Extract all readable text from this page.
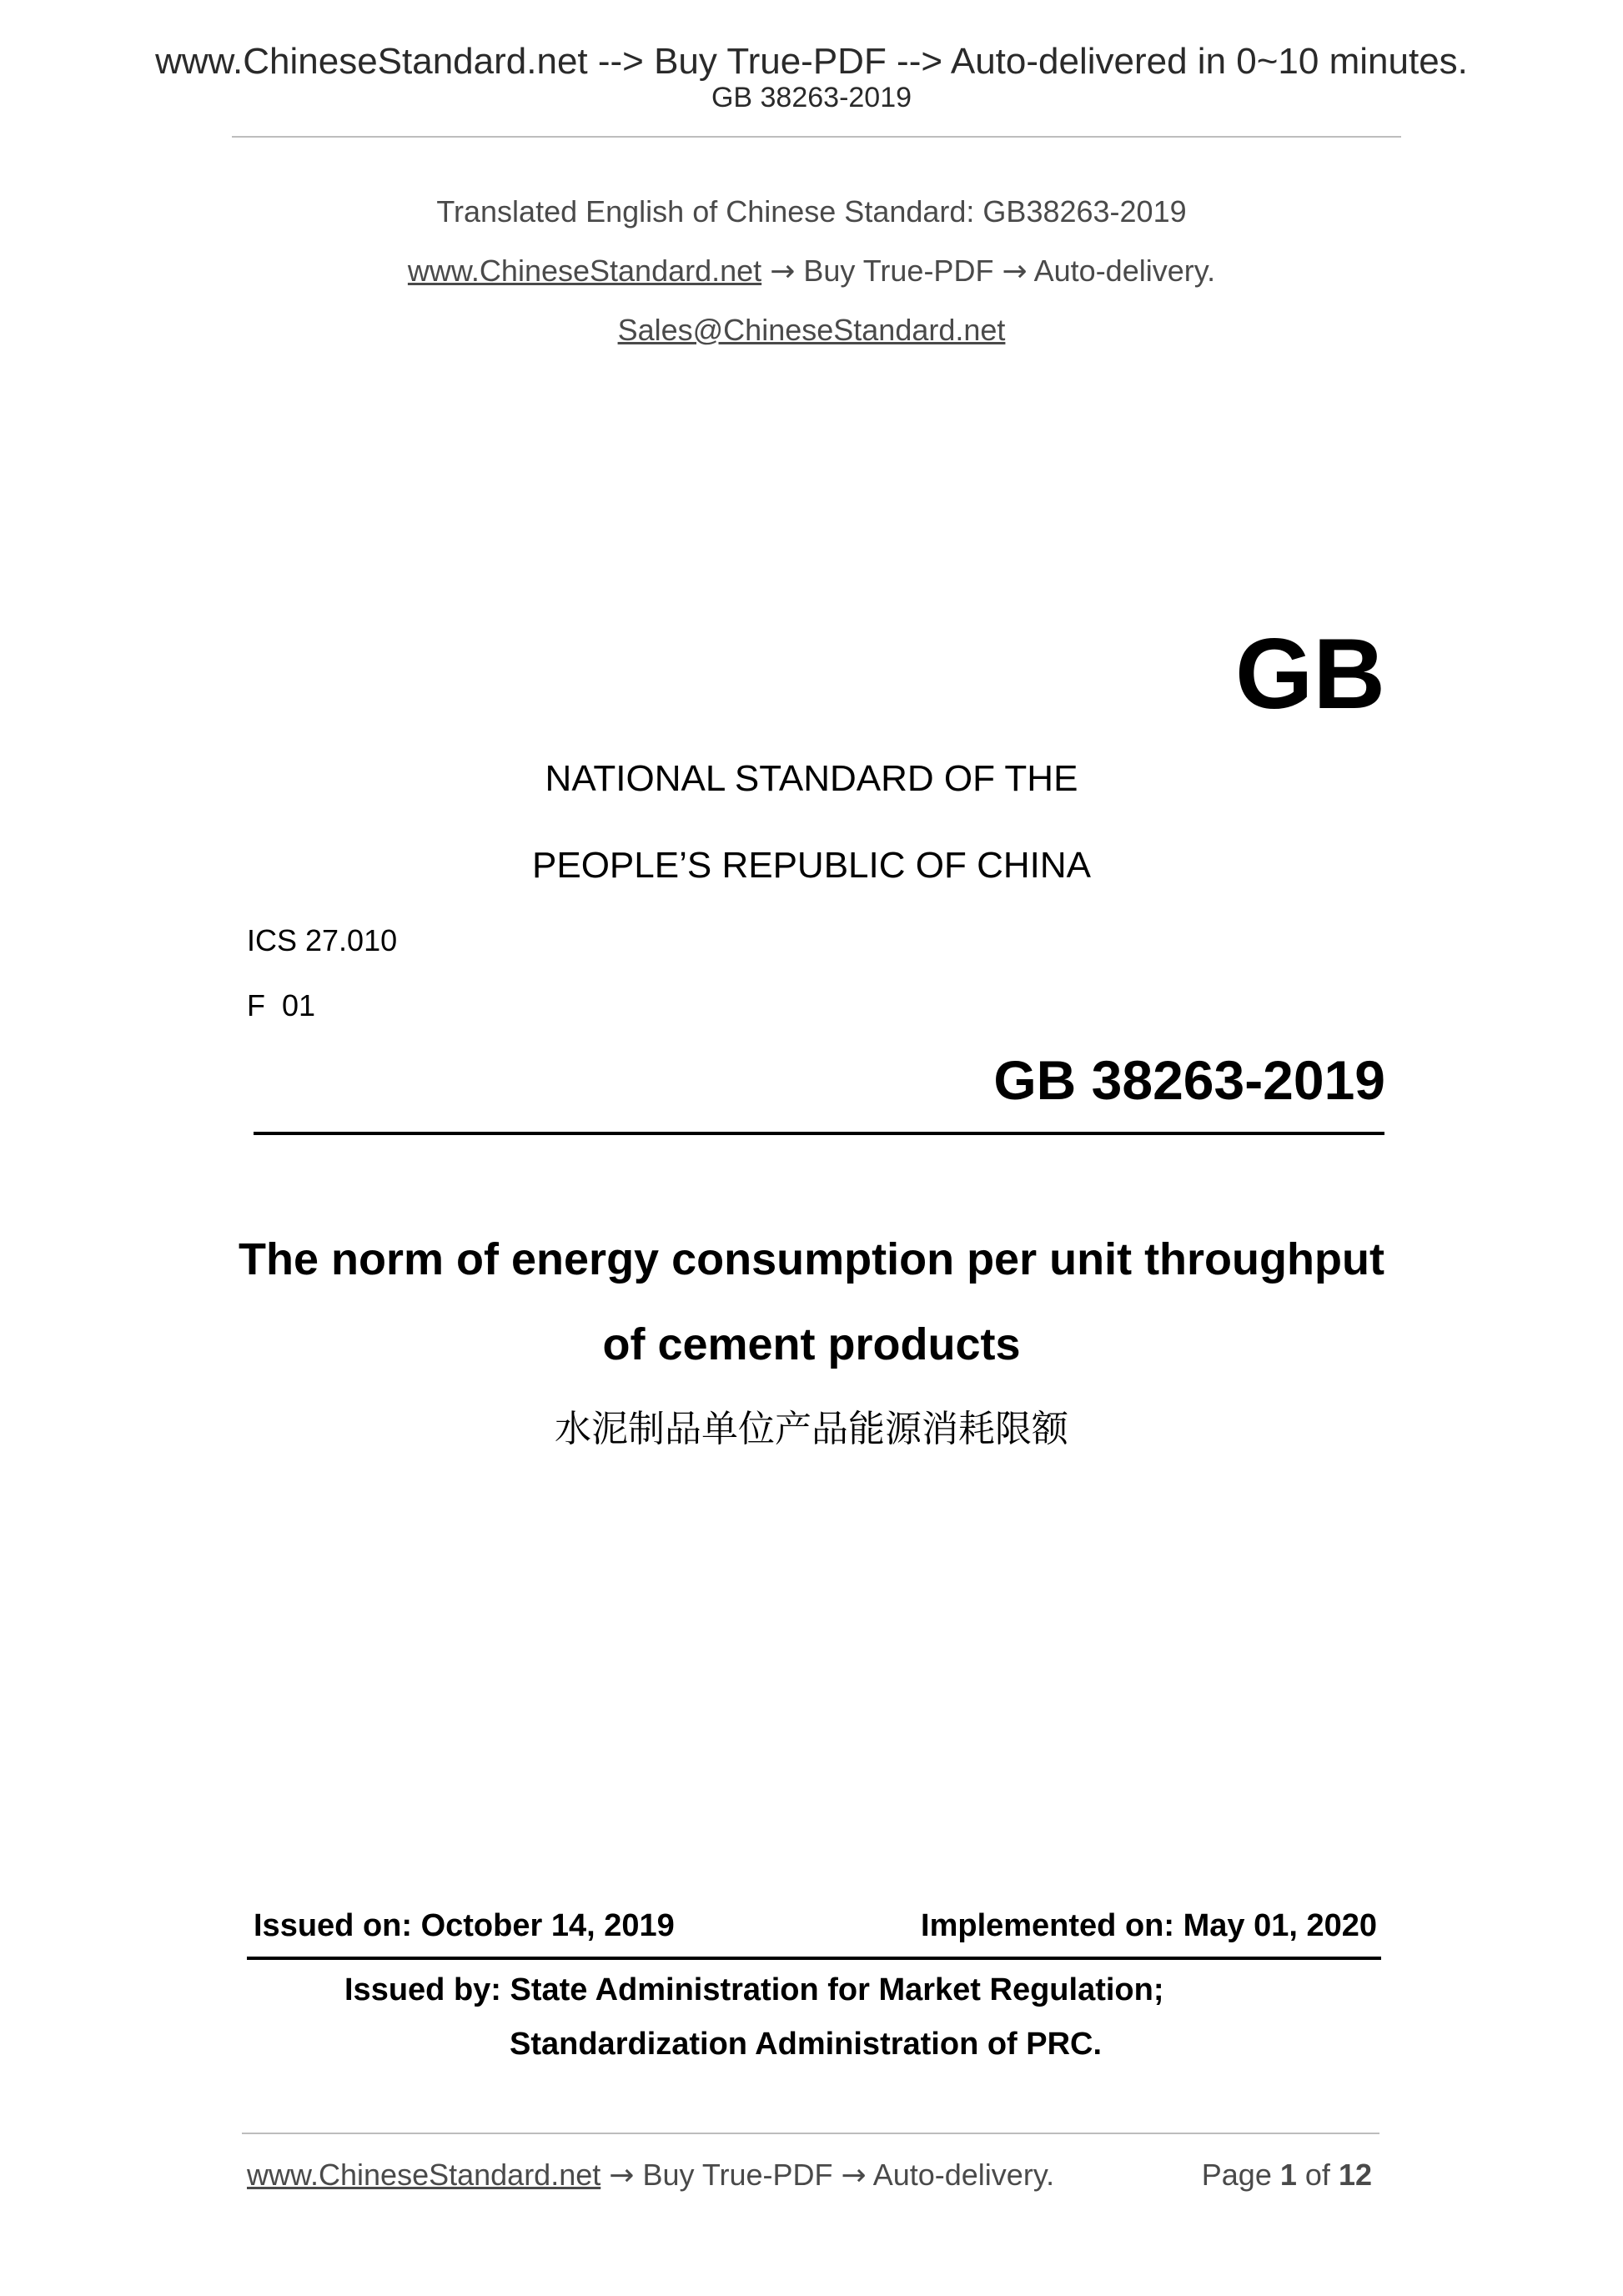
www.ChineseStandard.net --> Buy True-PDF --> Auto-delivered in 0~10 minutes.
GB 38263-2019
Translated English of Chinese Standard: GB38263-2019
www.ChineseStandard.net → Buy True-PDF → Auto-delivery.
Sales@ChineseStandard.net
GB
NATIONAL STANDARD OF THE
PEOPLE’S REPUBLIC OF CHINA
ICS 27.010
F  01
GB 38263-2019
The norm of energy consumption per unit throughput
of cement products
水泥制品单位产品能源消耗限额
Issued on: October 14, 2019	Implemented on: May 01, 2020
Issued by: State Administration for Market Regulation;
Standardization Administration of PRC.
www.ChineseStandard.net → Buy True-PDF → Auto-delivery.	Page 1 of 12
